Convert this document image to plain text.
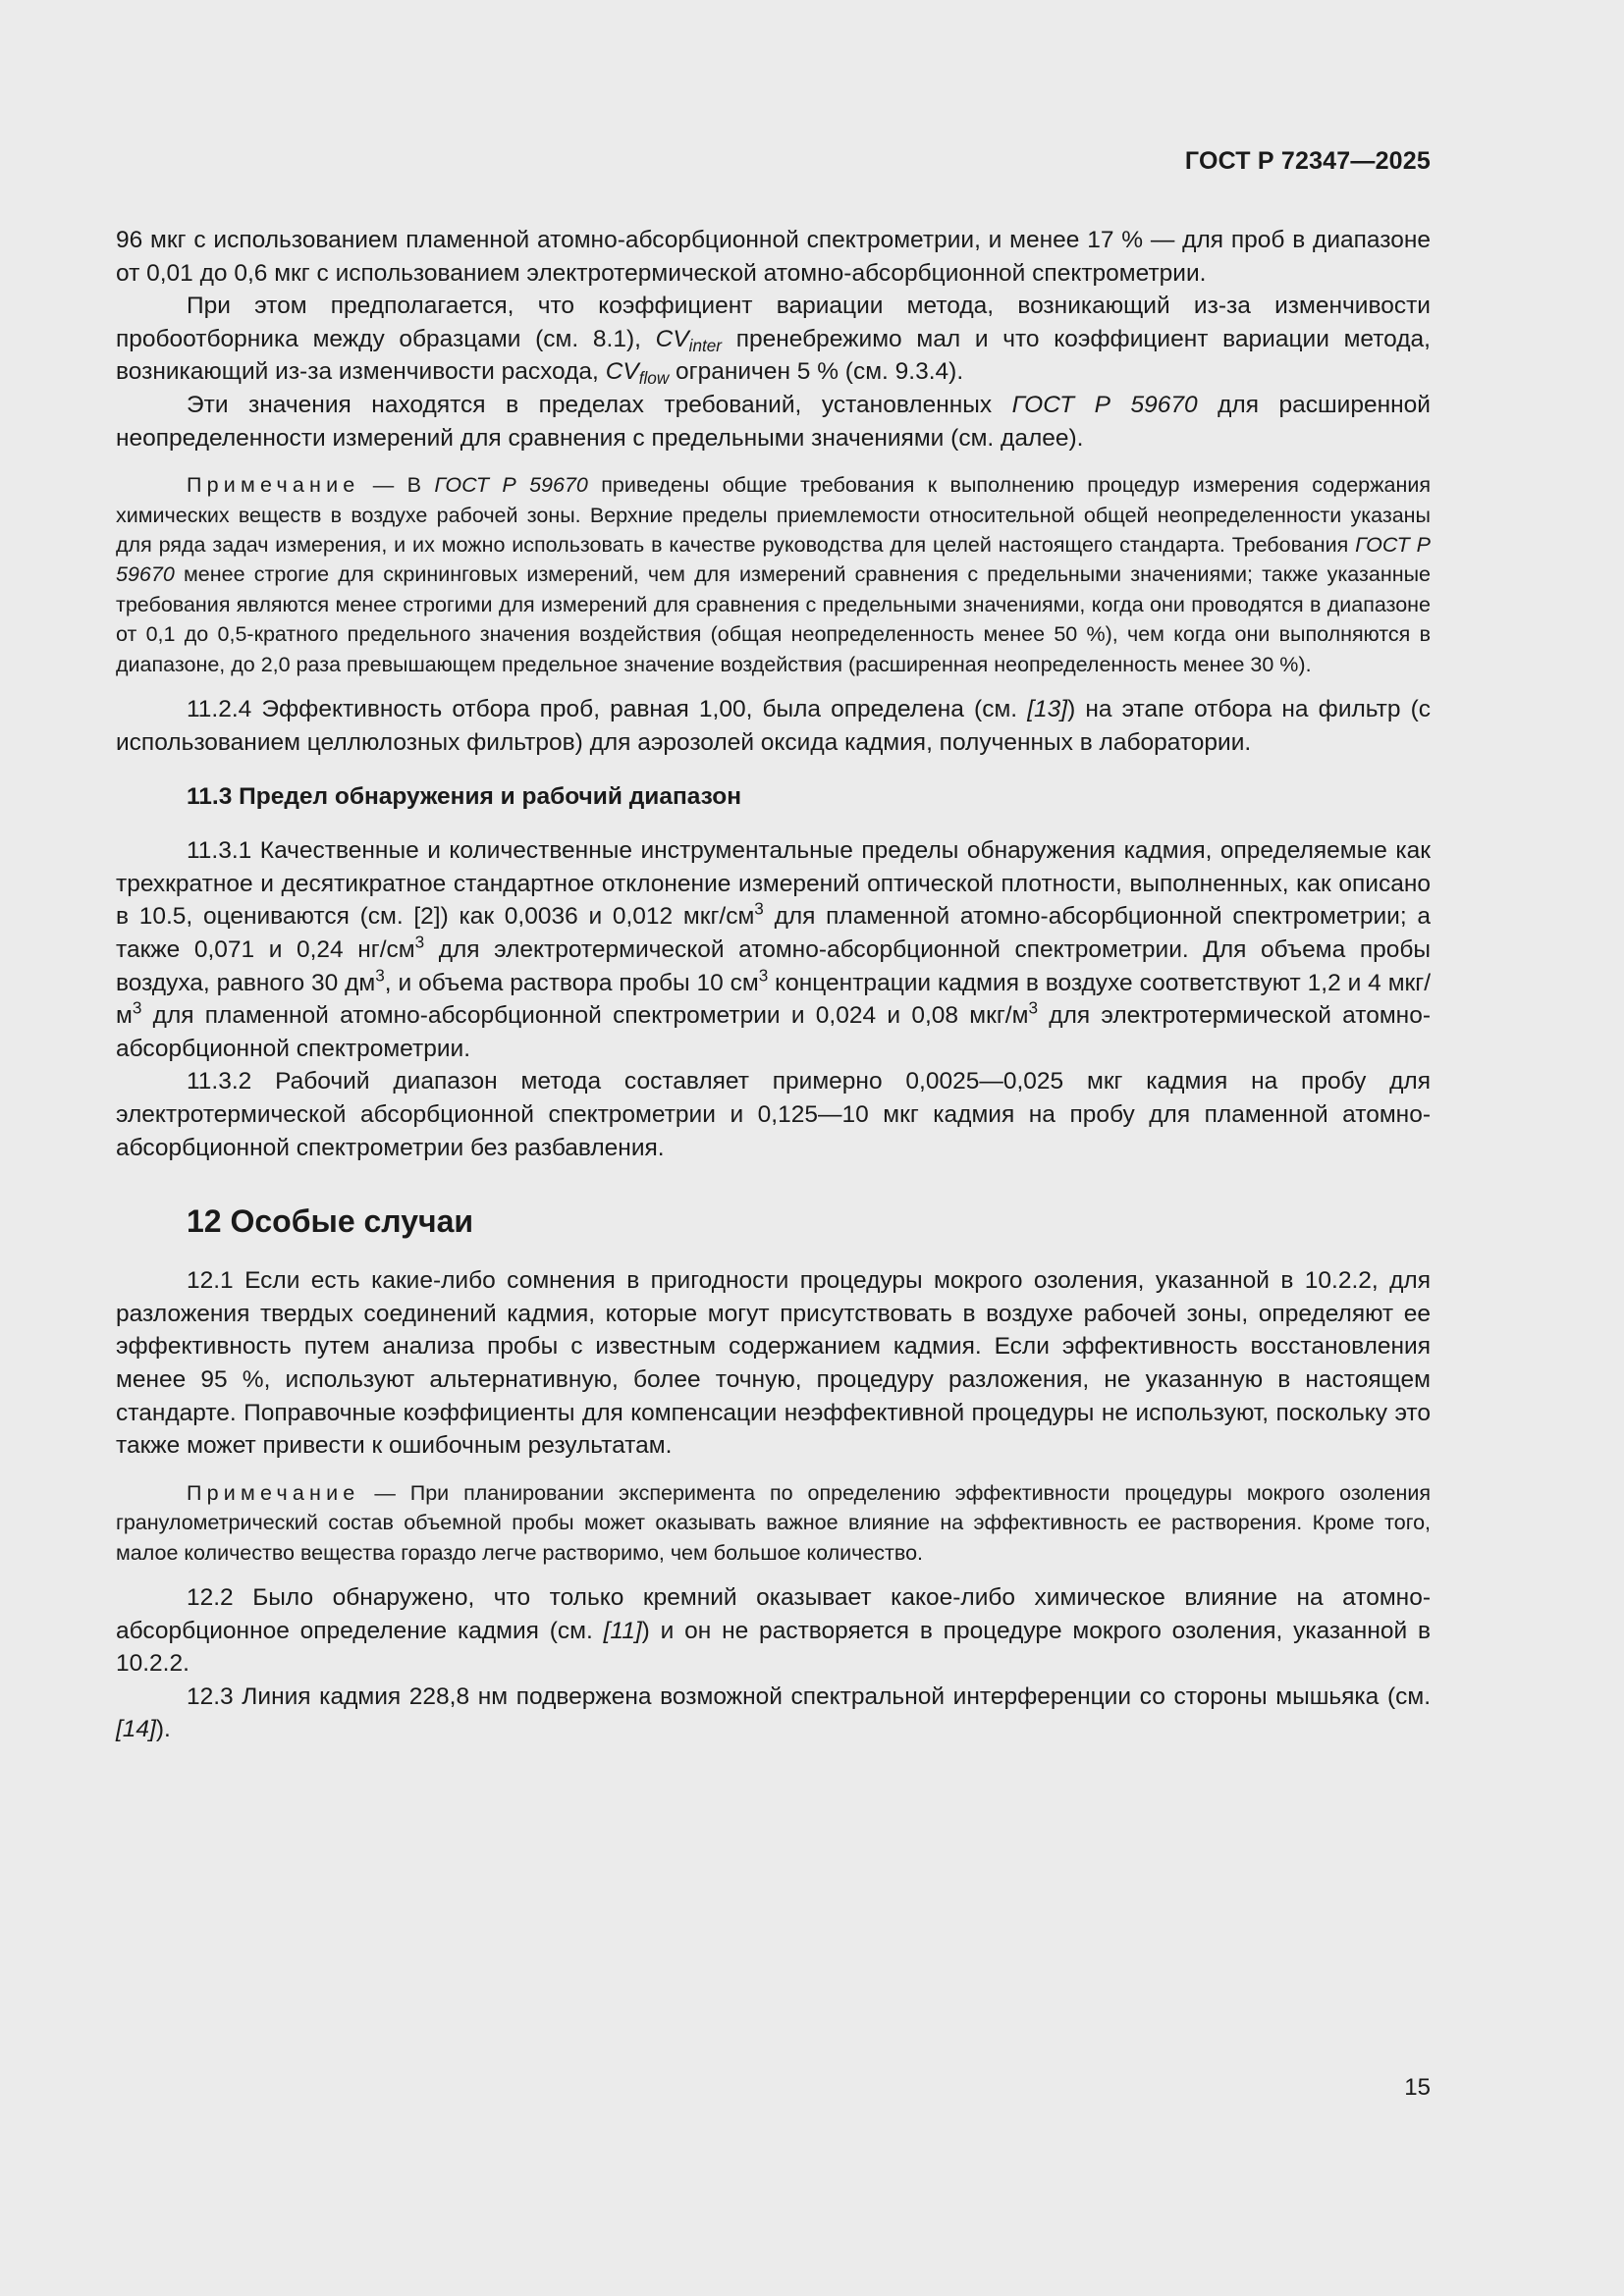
ГОСТ Р 72347—2025

96 мкг с использованием пламенной атомно-абсорбционной спектрометрии, и менее 17 % — для проб в диапазоне от 0,01 до 0,6 мкг с использованием электротермической атомно-абсорбционной спектрометрии.

При этом предполагается, что коэффициент вариации метода, возникающий из-за изменчивости пробоотборника между образцами (см. 8.1), $CV_{inter}$ пренебрежимо мал и что коэффициент вариации метода, возникающий из-за изменчивости расхода, $CV_{flow}$ ограничен 5 % (см. 9.3.4).

Эти значения находятся в пределах требований, установленных ГОСТ Р 59670 для расширенной неопределенности измерений для сравнения с предельными значениями (см. далее).

Примечание — В ГОСТ Р 59670 приведены общие требования к выполнению процедур измерения содержания химических веществ в воздухе рабочей зоны. Верхние пределы приемлемости относительной общей неопределенности указаны для ряда задач измерения, и их можно использовать в качестве руководства для целей настоящего стандарта. Требования ГОСТ Р 59670 менее строгие для скрининговых измерений, чем для измерений сравнения с предельными значениями; также указанные требования являются менее строгими для измерений для сравнения с предельными значениями, когда они проводятся в диапазоне от 0,1 до 0,5-кратного предельного значения воздействия (общая неопределенность менее 50 %), чем когда они выполняются в диапазоне, до 2,0 раза превышающем предельное значение воздействия (расширенная неопределенность менее 30 %).

11.2.4 Эффективность отбора проб, равная 1,00, была определена (см. [13]) на этапе отбора на фильтр (с использованием целлюлозных фильтров) для аэрозолей оксида кадмия, полученных в лаборатории.

11.3 Предел обнаружения и рабочий диапазон

11.3.1 Качественные и количественные инструментальные пределы обнаружения кадмия, определяемые как трехкратное и десятикратное стандартное отклонение измерений оптической плотности, выполненных, как описано в 10.5, оцениваются (см. [2]) как 0,0036 и 0,012 мкг/$см^3$ для пламенной атомно-абсорбционной спектрометрии; а также 0,071 и 0,24 $нг/см^3$ для электротермической атомно-абсорбционной спектрометрии. Для объема пробы воздуха, равного 30 $дм^3$, и объема раствора пробы 10 $см^3$ концентрации кадмия в воздухе соответствуют 1,2 и 4 мкг/$м^3$ для пламенной атомно-абсорбционной спектрометрии и 0,024 и 0,08 мкг/$м^3$ для электротермической атомно-абсорбционной спектрометрии.

11.3.2 Рабочий диапазон метода составляет примерно 0,0025—0,025 мкг кадмия на пробу для электротермической абсорбционной спектрометрии и 0,125—10 мкг кадмия на пробу для пламенной атомно-абсорбционной спектрометрии без разбавления.

12 Особые случаи

12.1 Если есть какие-либо сомнения в пригодности процедуры мокрого озоления, указанной в 10.2.2, для разложения твердых соединений кадмия, которые могут присутствовать в воздухе рабочей зоны, определяют ее эффективность путем анализа пробы с известным содержанием кадмия. Если эффективность восстановления менее 95 %, используют альтернативную, более точную, процедуру разложения, не указанную в настоящем стандарте. Поправочные коэффициенты для компенсации неэффективной процедуры не используют, поскольку это также может привести к ошибочным результатам.

Примечание — При планировании эксперимента по определению эффективности процедуры мокрого озоления гранулометрический состав объемной пробы может оказывать важное влияние на эффективность ее растворения. Кроме того, малое количество вещества гораздо легче растворимо, чем большое количество.

12.2 Было обнаружено, что только кремний оказывает какое-либо химическое влияние на атомно-абсорбционное определение кадмия (см. [11]) и он не растворяется в процедуре мокрого озоления, указанной в 10.2.2.

12.3 Линия кадмия 228,8 нм подвержена возможной спектральной интерференции со стороны мышьяка (см. [14]).

15
